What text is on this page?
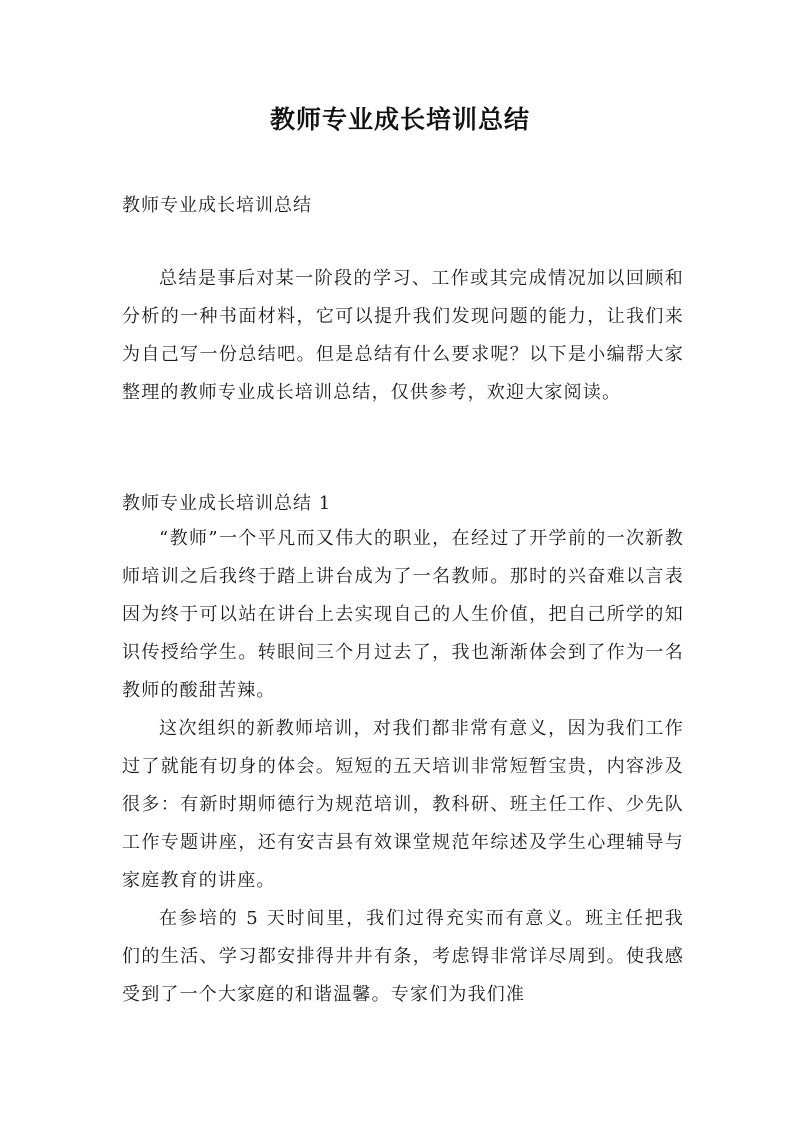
教师专业成长培训总结
教师专业成长培训总结

总结是事后对某一阶段的学习、工作或其完成情况加以回顾和分析的一种书面材料，它可以提升我们发现问题的能力，让我们来为自己写一份总结吧。但是总结有什么要求呢？以下是小编帮大家整理的教师专业成长培训总结，仅供参考，欢迎大家阅读。

教师专业成长培训总结 1

“教师”一个平凡而又伟大的职业，在经过了开学前的一次新教师培训之后我终于踏上讲台成为了一名教师。那时的兴奋难以言表因为终于可以站在讲台上去实现自己的人生价值，把自己所学的知识传授给学生。转眼间三个月过去了，我也渐渐体会到了作为一名教师的酸甜苦辣。

这次组织的新教师培训，对我们都非常有意义，因为我们工作过了就能有切身的体会。短短的五天培训非常短暂宝贵，内容涉及很多：有新时期师德行为规范培训，教科研、班主任工作、少先队工作专题讲座，还有安吉县有效课堂规范年综述及学生心理辅导与家庭教育的讲座。

在参培的 5 天时间里，我们过得充实而有意义。班主任把我们的生活、学习都安排得井井有条，考虑锝非常详尽周到。使我感受到了一个大家庭的和谐温馨。专家们为我们准
